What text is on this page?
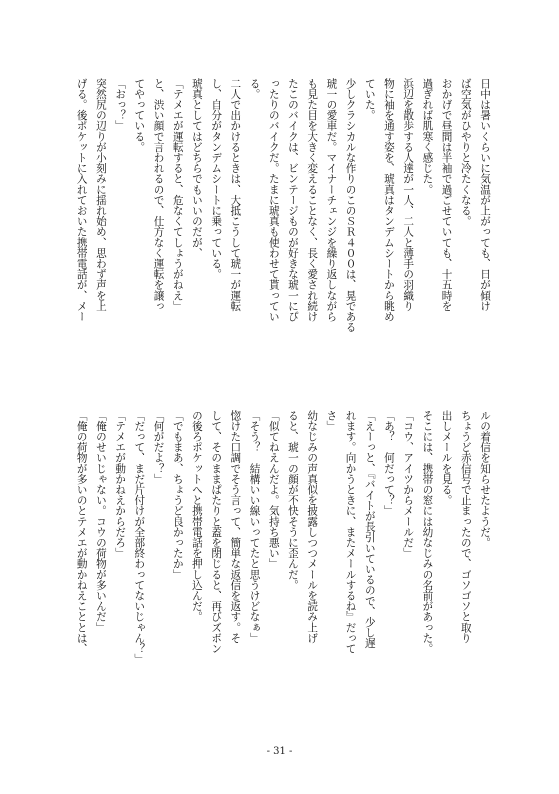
日中は暑いくらいに気温が上がっても、日が傾け
ば空気がひやりと冷たくなる。
おかげで昼間は半袖で過ごせていても、十五時を
過ぎれば肌寒く感じた。
浜辺を散歩する人達が一人、二人と薄手の羽織り
物に袖を通す姿を、琥真はタンデムシートから眺め
ていた。
少しクラシカルな作りのこのＳＲ４００は、晃である
琥一の愛車だ。マイナーチェンジを繰り返しながら
も見た目を大きく変えることなく、長く愛され続け
たこのバイクは、ビンテージものが好きな琥一にぴ
ったりのバイクだ。たまに琥真も使わせて貰ってい
る。
二人で出かけるときは、大抵こうして琥一が運転
し、自分がタンデムシートに乗っている。
琥真としてはどちらでもいいのだが、
「テメエが運転すると、危なくてしょうがねえ」
と、渋い顔で言われるので、仕方なく運転を譲っ
てやっている。
「おっ？」
突然尻の辺りが小刻みに揺れ始め、思わず声を上
げる。後ポケットに入れておいた携帯電話が、メー
ルの着信を知らせたようだ。
ちょうど赤信号で止まったので、ゴソゴソと取り
出しメールを見る。
そこには、携帯の窓には幼なじみの名前があった。
「コウ、アイツからメールだ」
「あ？　何だって？」
「えーっと、『バイトが長引いているので、少し遅
れます。向かうときに、またメールするね』だって
さ」
幼なじみの声真似を披露しつつメールを読み上げ
ると、琥一の顔が不快そうに歪んだ。
「似てねえんだよ。気持ち悪い」
「そう？　結構いい線いってたと思うけどなぁ」
惚けた口調でそう言って、簡単な返信を返す。そ
して、そのままぱたりと蓋を閉じると、再びズボン
の後ろポケットへと携帯電話を押し込んだ。
「でもまあ、ちょうど良かったか」
「何がだよ？」
「だって、まだ片付けが全部終わってないじゃん？」
「テメエが動かねえからだろ」
「俺のせいじゃない。コウの荷物が多いんだ」
「俺の荷物が多いのとテメエが動かねえこととは、
- 31 -
